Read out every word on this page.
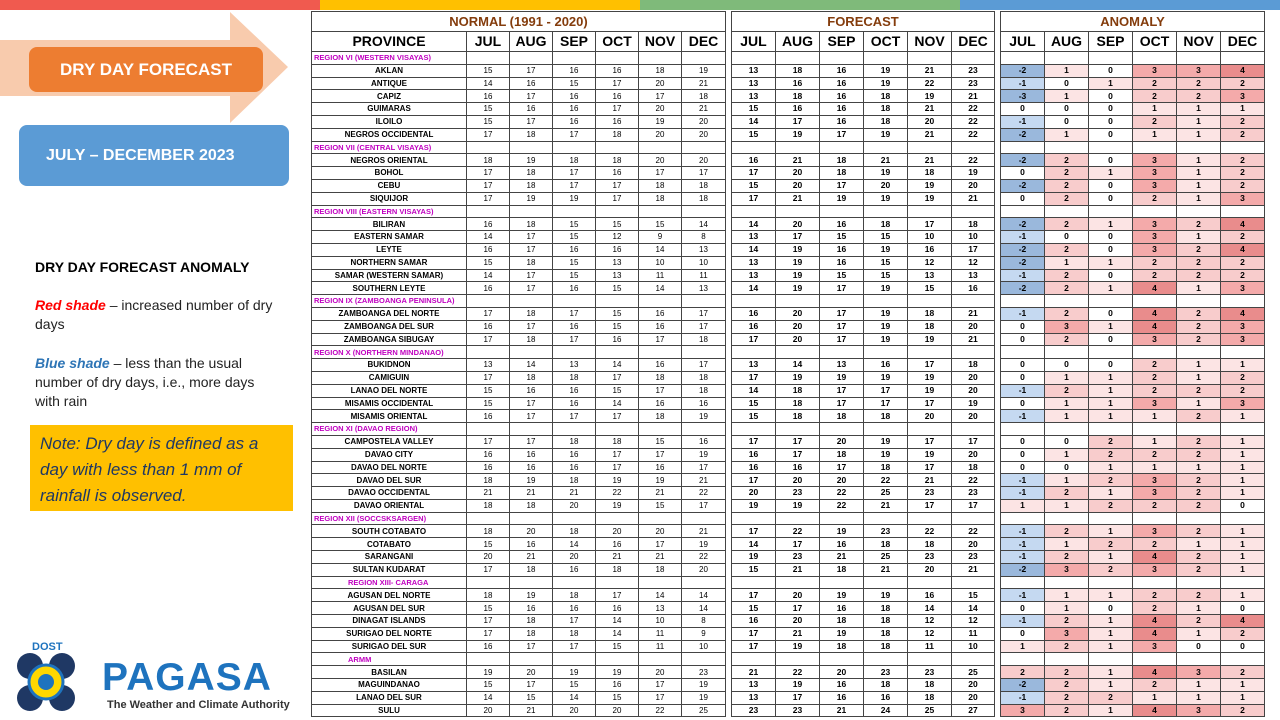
DRY DAY FORECAST
JULY – DECEMBER 2023
DRY DAY FORECAST ANOMALY
Red shade – increased number of dry days
Blue shade – less than the usual number of dry days, i.e., more days with rain
Note: Dry day is defined as a day with less than 1 mm of rainfall is observed.
DOST
PAGASA
The Weather and Climate Authority
NORMAL (1991 - 2020)						
PROVINCE	JUL	AUG	SEP	OCT	NOV	DEC
REGION VI (WESTERN VISAYAS)						
AKLAN	15	17	16	16	18	19
ANTIQUE	14	16	15	17	20	21
CAPIZ	16	17	16	16	17	18
GUIMARAS	15	16	16	17	20	21
ILOILO	15	17	16	16	19	20
NEGROS OCCIDENTAL	17	18	17	18	20	20
REGION VII (CENTRAL VISAYAS)						
NEGROS ORIENTAL	18	19	18	18	20	20
BOHOL	17	18	17	16	17	17
CEBU	17	18	17	17	18	18
SIQUIJOR	17	19	19	17	18	18
REGION VIII (EASTERN VISAYAS)						
BILIRAN	16	18	15	15	15	14
EASTERN SAMAR	14	17	15	12	9	8
LEYTE	16	17	16	16	14	13
NORTHERN SAMAR	15	18	15	13	10	10
SAMAR (WESTERN SAMAR)	14	17	15	13	11	11
SOUTHERN LEYTE	16	17	16	15	14	13
REGION IX (ZAMBOANGA PENINSULA)						
ZAMBOANGA DEL NORTE	17	18	17	15	16	17
ZAMBOANGA DEL SUR	16	17	16	15	16	17
ZAMBOANGA SIBUGAY	17	18	17	16	17	18
REGION X (NORTHERN MINDANAO)						
BUKIDNON	13	14	13	14	16	17
CAMIGUIN	17	18	18	17	18	18
LANAO DEL NORTE	15	16	16	15	17	18
MISAMIS OCCIDENTAL	15	17	16	14	16	16
MISAMIS ORIENTAL	16	17	17	17	18	19
REGION XI (DAVAO REGION)						
CAMPOSTELA VALLEY	17	17	18	18	15	16
DAVAO CITY	16	16	16	17	17	19
DAVAO DEL NORTE	16	16	16	17	16	17
DAVAO DEL SUR	18	19	18	19	19	21
DAVAO OCCIDENTAL	21	21	21	22	21	22
DAVAO ORIENTAL	18	18	20	19	15	17
REGION XII (SOCCSKSARGEN)						
SOUTH COTABATO	18	20	18	20	20	21
COTABATO	15	16	14	16	17	19
SARANGANI	20	21	20	21	21	22
SULTAN KUDARAT	17	18	16	18	18	20
REGION XIII- CARAGA						
AGUSAN DEL NORTE	18	19	18	17	14	14
AGUSAN DEL SUR	15	16	16	16	13	14
DINAGAT ISLANDS	17	18	17	14	10	8
SURIGAO DEL NORTE	17	18	18	14	11	9
SURIGAO DEL SUR	16	17	17	15	11	10
ARMM						
BASILAN	19	20	19	19	20	23
MAGUINDANAO	15	17	15	16	17	19
LANAO DEL SUR	14	15	14	15	17	19
SULU	20	21	20	20	22	25
FORECAST					
JUL	AUG	SEP	OCT	NOV	DEC

13	18	16	19	21	23
13	16	16	19	22	23
13	18	16	18	19	21
15	16	16	18	21	22
14	17	16	18	20	22
15	19	17	19	21	22

16	21	18	21	21	22
17	20	18	19	18	19
15	20	17	20	19	20
17	21	19	19	19	21

14	20	16	18	17	18
13	17	15	15	10	10
14	19	16	19	16	17
13	19	16	15	12	12
13	19	15	15	13	13
14	19	17	19	15	16

16	20	17	19	18	21
16	20	17	19	18	20
17	20	17	19	19	21

13	14	13	16	17	18
17	19	19	19	19	20
14	18	17	17	19	20
15	18	17	17	17	19
15	18	18	18	20	20

17	17	20	19	17	17
16	17	18	19	19	20
16	16	17	18	17	18
17	20	20	22	21	22
20	23	22	25	23	23
19	19	22	21	17	17

17	22	19	23	22	22
14	17	16	18	18	20
19	23	21	25	23	23
15	21	18	21	20	21

17	20	19	19	16	15
15	17	16	18	14	14
16	20	18	18	12	12
17	21	19	18	12	11
17	19	18	18	11	10

21	22	20	23	23	25
13	19	16	18	18	20
13	17	16	16	18	20
23	23	21	24	25	27
ANOMALY					
JUL	AUG	SEP	OCT	NOV	DEC

-2	1	0	3	3	4
-1	0	1	2	2	2
-3	1	0	2	2	3
0	0	0	1	1	1
-1	0	0	2	1	2
-2	1	0	1	1	2

-2	2	0	3	1	2
0	2	1	3	1	2
-2	2	0	3	1	2
0	2	0	2	1	3

-2	2	1	3	2	4
-1	0	0	3	1	2
-2	2	0	3	2	4
-2	1	1	2	2	2
-1	2	0	2	2	2
-2	2	1	4	1	3

-1	2	0	4	2	4
0	3	1	4	2	3
0	2	0	3	2	3

0	0	0	2	1	1
0	1	1	2	1	2
-1	2	1	2	2	2
0	1	1	3	1	3
-1	1	1	1	2	1

0	0	2	1	2	1
0	1	2	2	2	1
0	0	1	1	1	1
-1	1	2	3	2	1
-1	2	1	3	2	1
1	1	2	2	2	0

-1	2	1	3	2	1
-1	1	2	2	1	1
-1	2	1	4	2	1
-2	3	2	3	2	1

-1	1	1	2	2	1
0	1	0	2	1	0
-1	2	1	4	2	4
0	3	1	4	1	2
1	2	1	3	0	0

2	2	1	4	3	2
-2	2	1	2	1	1
-1	2	2	1	1	1
3	2	1	4	3	2
